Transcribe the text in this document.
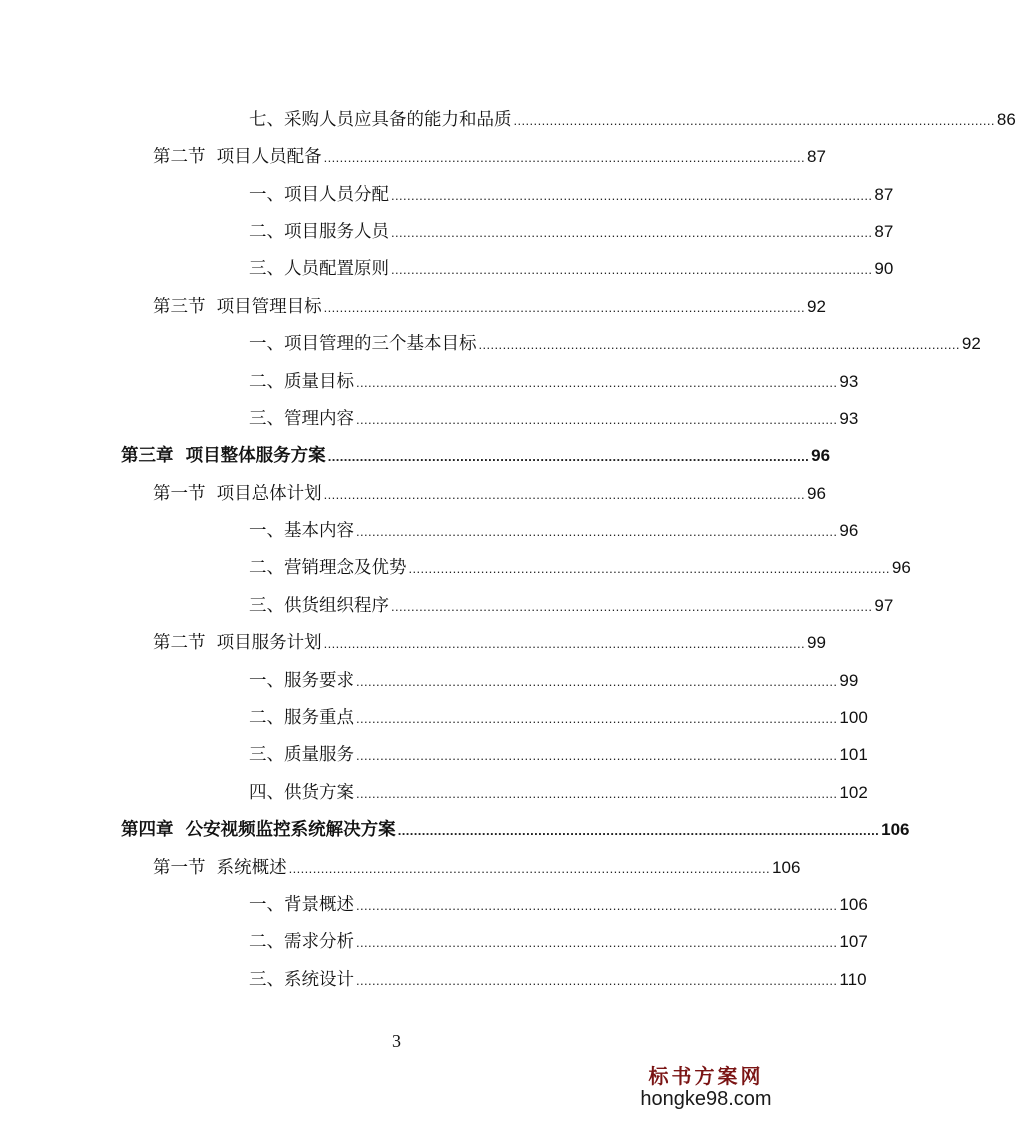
七、采购人员应具备的能力和品质 ........................................................................................................................ 86
第二节  项目人员配备 ........................................................................................................................ 87
一、项目人员分配 ........................................................................................................................ 87
二、项目服务人员 ........................................................................................................................ 87
三、人员配置原则 ........................................................................................................................ 90
第三节  项目管理目标 ........................................................................................................................ 92
一、项目管理的三个基本目标 ........................................................................................................................ 92
二、质量目标 ........................................................................................................................ 93
三、管理内容 ........................................................................................................................ 93
第三章  项目整体服务方案 ........................................................................................................................ 96
第一节  项目总体计划 ........................................................................................................................ 96
一、基本内容 ........................................................................................................................ 96
二、营销理念及优势 ........................................................................................................................ 96
三、供货组织程序 ........................................................................................................................ 97
第二节  项目服务计划 ........................................................................................................................ 99
一、服务要求 ........................................................................................................................ 99
二、服务重点 ........................................................................................................................ 100
三、质量服务 ........................................................................................................................ 101
四、供货方案 ........................................................................................................................ 102
第四章  公安视频监控系统解决方案 ........................................................................................................................ 106
第一节  系统概述 ........................................................................................................................ 106
一、背景概述 ........................................................................................................................ 106
二、需求分析 ........................................................................................................................ 107
三、系统设计 ........................................................................................................................ 110
3
标书方案网
hongke98.com
